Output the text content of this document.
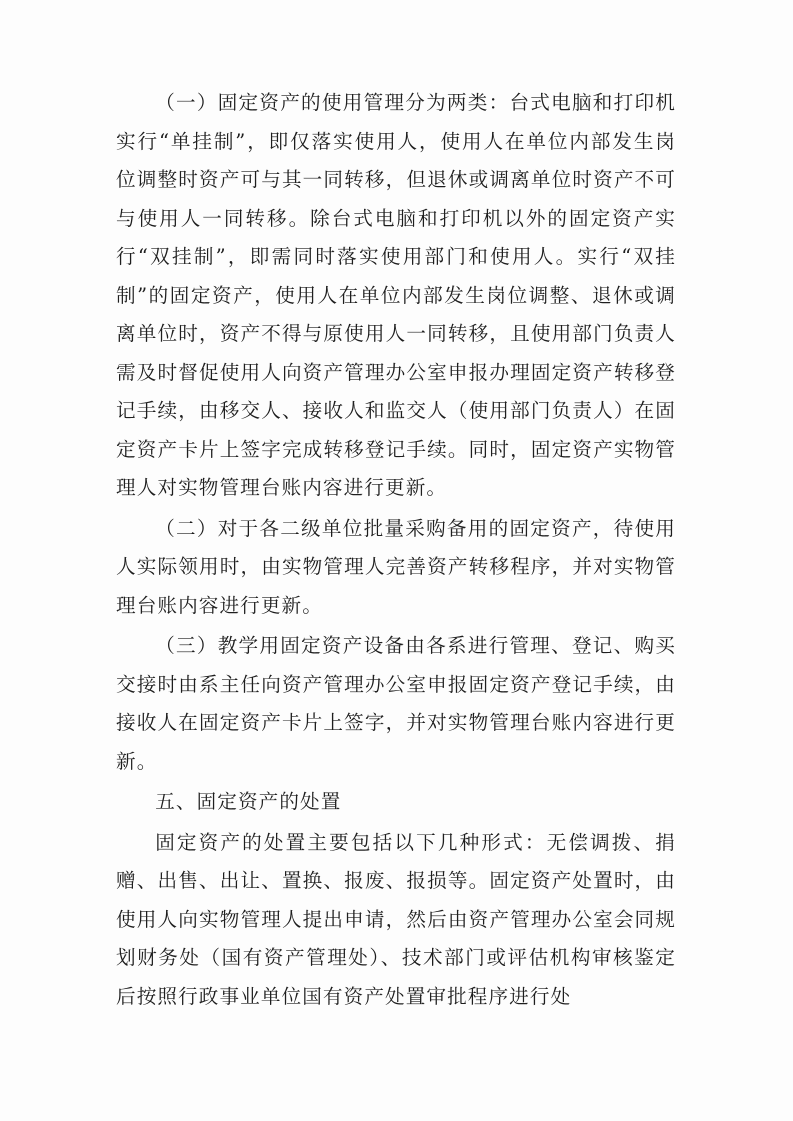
（一）固定资产的使用管理分为两类：台式电脑和打印机实行“单挂制”，即仅落实使用人，使用人在单位内部发生岗位调整时资产可与其一同转移，但退休或调离单位时资产不可与使用人一同转移。除台式电脑和打印机以外的固定资产实行“双挂制”，即需同时落实使用部门和使用人。实行“双挂制”的固定资产，使用人在单位内部发生岗位调整、退休或调离单位时，资产不得与原使用人一同转移，且使用部门负责人需及时督促使用人向资产管理办公室申报办理固定资产转移登记手续，由移交人、接收人和监交人（使用部门负责人）在固定资产卡片上签字完成转移登记手续。同时，固定资产实物管理人对实物管理台账内容进行更新。

（二）对于各二级单位批量采购备用的固定资产，待使用人实际领用时，由实物管理人完善资产转移程序，并对实物管理台账内容进行更新。

（三）教学用固定资产设备由各系进行管理、登记、购买交接时由系主任向资产管理办公室申报固定资产登记手续，由接收人在固定资产卡片上签字，并对实物管理台账内容进行更新。

五、固定资产的处置

固定资产的处置主要包括以下几种形式：无偿调拨、捐赠、出售、出让、置换、报废、报损等。固定资产处置时，由使用人向实物管理人提出申请，然后由资产管理办公室会同规划财务处（国有资产管理处）、技术部门或评估机构审核鉴定后按照行政事业单位国有资产处置审批程序进行处
